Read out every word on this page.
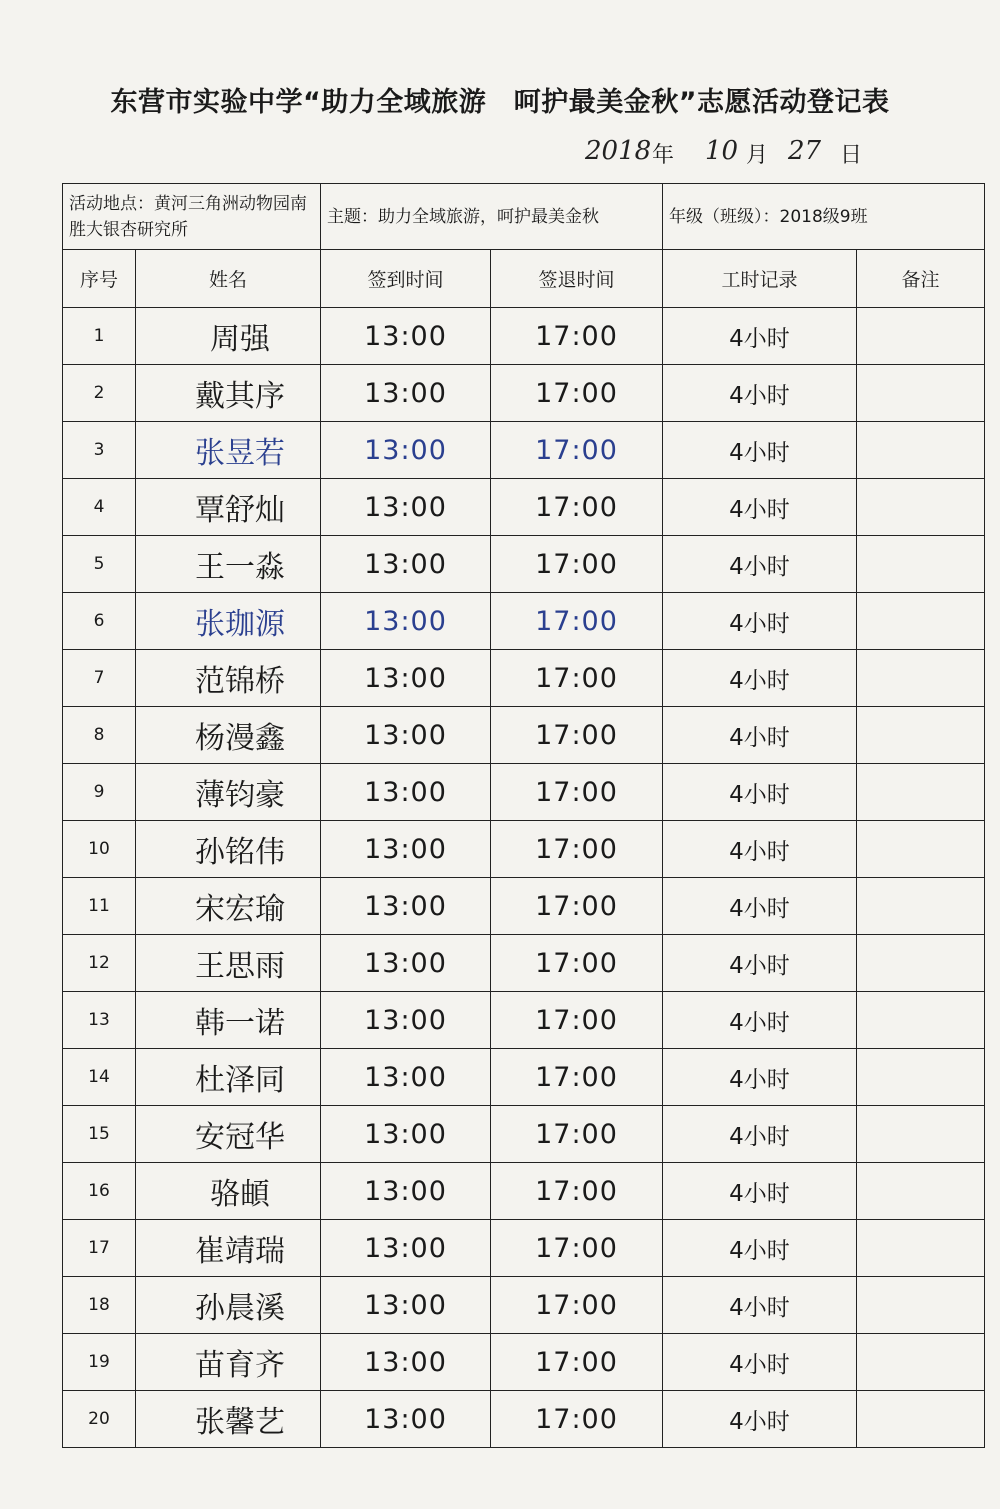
东营市实验中学“助力全域旅游　呵护最美金秋”志愿活动登记表
2018 年 10 月 27 日
活动地点：黄河三角洲动物园南胜大银杏研究所		主题：助力全域旅游，呵护最美金秋		年级（班级）：2018级9班	
序号	姓名	签到时间	签退时间	工时记录	备注
1	周强	13:00	17:00	4小时	
2	戴其序	13:00	17:00	4小时	
3	张昱若	13:00	17:00	4小时	
4	覃舒灿	13:00	17:00	4小时	
5	王一淼	13:00	17:00	4小时	
6	张珈源	13:00	17:00	4小时	
7	范锦桥	13:00	17:00	4小时	
8	杨漫鑫	13:00	17:00	4小时	
9	薄钧豪	13:00	17:00	4小时	
10	孙铭伟	13:00	17:00	4小时	
11	宋宏瑜	13:00	17:00	4小时	
12	王思雨	13:00	17:00	4小时	
13	韩一诺	13:00	17:00	4小时	
14	杜泽同	13:00	17:00	4小时	
15	安冠华	13:00	17:00	4小时	
16	骆頔	13:00	17:00	4小时	
17	崔靖瑞	13:00	17:00	4小时	
18	孙晨溪	13:00	17:00	4小时	
19	苗育齐	13:00	17:00	4小时	
20	张馨艺	13:00	17:00	4小时	
